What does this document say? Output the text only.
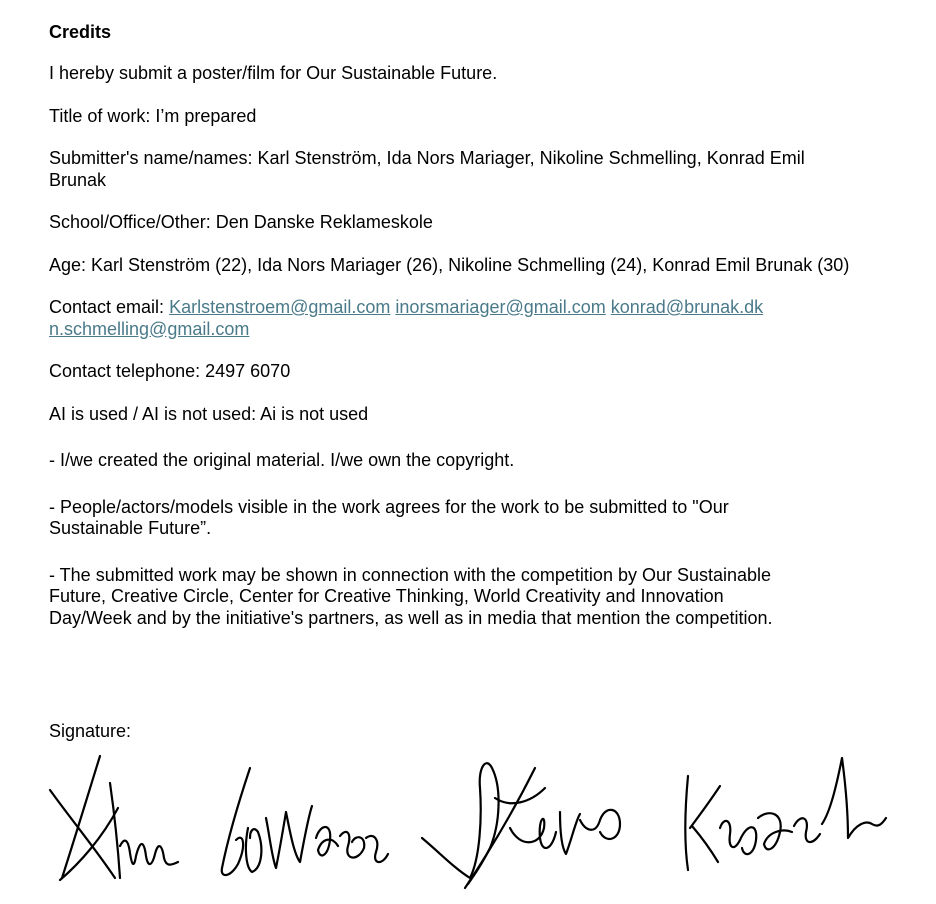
Credits
I hereby submit a poster/film for Our Sustainable Future.
Title of work: I’m prepared
Submitter's name/names: Karl Stenström, Ida Nors Mariager, Nikoline Schmelling, Konrad Emil Brunak
School/Office/Other: Den Danske Reklameskole
Age: Karl Stenström (22), Ida Nors Mariager (26), Nikoline Schmelling (24), Konrad Emil Brunak (30)
Contact email: Karlstenstroem@gmail.com inorsmariager@gmail.com konrad@brunak.dk n.schmelling@gmail.com
Contact telephone: 2497 6070
AI is used / AI is not used: Ai is not used
- I/we created the original material. I/we own the copyright.
- People/actors/models visible in the work agrees for the work to be submitted to "Our Sustainable Future”.
- The submitted work may be shown in connection with the competition by Our Sustainable Future, Creative Circle, Center for Creative Thinking, World Creativity and Innovation Day/Week and by the initiative's partners, as well as in media that mention the competition.
Signature:
